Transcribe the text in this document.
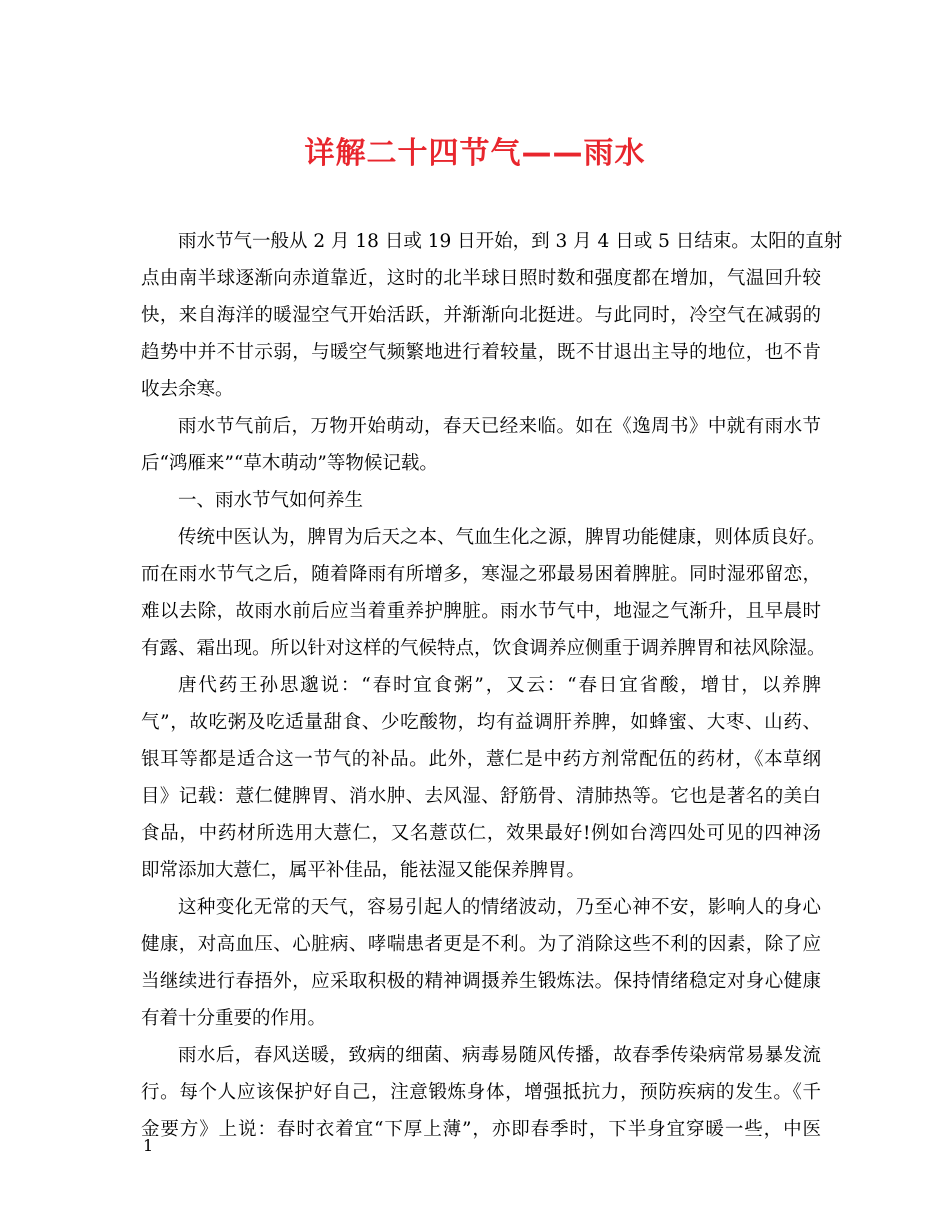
详解二十四节气——雨水
雨水节气一般从 2 月 18 日或 19 日开始，到 3 月 4 日或 5 日结束。太阳的直射
点由南半球逐渐向赤道靠近，这时的北半球日照时数和强度都在增加，气温回升较
快，来自海洋的暖湿空气开始活跃，并渐渐向北挺进。与此同时，冷空气在减弱的
趋势中并不甘示弱，与暖空气频繁地进行着较量，既不甘退出主导的地位，也不肯
收去余寒。
雨水节气前后，万物开始萌动，春天已经来临。如在《逸周书》中就有雨水节
后“鸿雁来”“草木萌动”等物候记载。
一、雨水节气如何养生
传统中医认为，脾胃为后天之本、气血生化之源，脾胃功能健康，则体质良好。
而在雨水节气之后，随着降雨有所增多，寒湿之邪最易困着脾脏。同时湿邪留恋，
难以去除，故雨水前后应当着重养护脾脏。雨水节气中，地湿之气渐升，且早晨时
有露、霜出现。所以针对这样的气候特点，饮食调养应侧重于调养脾胃和祛风除湿。
唐代药王孙思邈说：“春时宜食粥”，又云：“春日宜省酸，增甘，以养脾
气”，故吃粥及吃适量甜食、少吃酸物，均有益调肝养脾，如蜂蜜、大枣、山药、
银耳等都是适合这一节气的补品。此外，薏仁是中药方剂常配伍的药材，《本草纲
目》记载：薏仁健脾胃、消水肿、去风湿、舒筋骨、清肺热等。它也是著名的美白
食品，中药材所选用大薏仁，又名薏苡仁，效果最好!例如台湾四处可见的四神汤
即常添加大薏仁，属平补佳品，能祛湿又能保养脾胃。
这种变化无常的天气，容易引起人的情绪波动，乃至心神不安，影响人的身心
健康，对高血压、心脏病、哮喘患者更是不利。为了消除这些不利的因素，除了应
当继续进行春捂外，应采取积极的精神调摄养生锻炼法。保持情绪稳定对身心健康
有着十分重要的作用。
雨水后，春风送暖，致病的细菌、病毒易随风传播，故春季传染病常易暴发流
行。每个人应该保护好自己，注意锻炼身体，增强抵抗力，预防疾病的发生。《千
金要方》上说：春时衣着宜“下厚上薄”，亦即春季时，下半身宜穿暖一些，中医
1
